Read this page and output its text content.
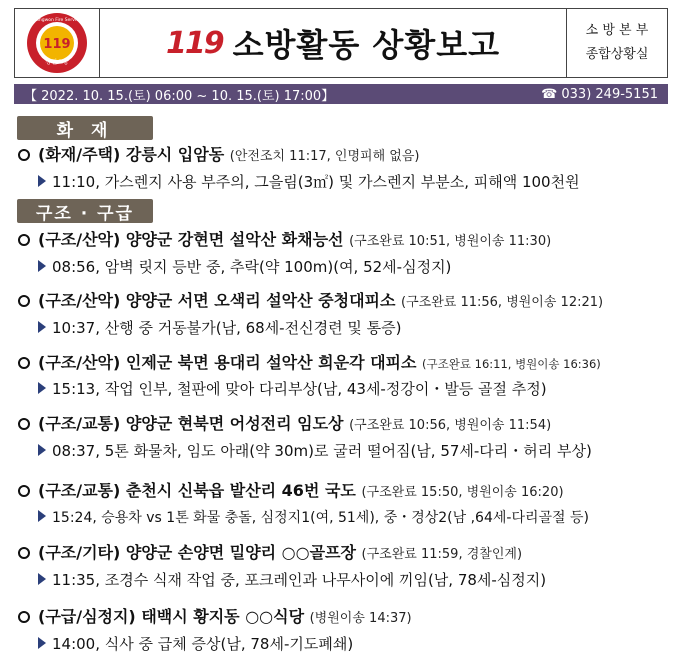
119
강원소방
Gangwon Fire Service
119 소방활동 상황보고	소 방 본 부
종합상황실
【 2022. 10. 15.(토) 06:00 ~ 10. 15.(토) 17:00】	☎ 033) 249-5151
화 재
(화재/주택) 강릉시 입암동 (안전조치 11:17, 인명피해 없음)
11:10, 가스렌지 사용 부주의, 그을림(3㎡) 및 가스렌지 부분소, 피해액 100천원
구조 · 구급
(구조/산악) 양양군 강현면 설악산 화채능선 (구조완료 10:51, 병원이송 11:30)
08:56, 암벽 릿지 등반 중, 추락(약 100m)(여, 52세-심정지)
(구조/산악) 양양군 서면 오색리 설악산 중청대피소 (구조완료 11:56, 병원이송 12:21)
10:37, 산행 중 거동불가(남, 68세-전신경련 및 통증)
(구조/산악) 인제군 북면 용대리 설악산 희운각 대피소 (구조완료 16:11, 병원이송 16:36)
15:13, 작업 인부, 철판에 맞아 다리부상(남, 43세-정강이・발등 골절 추정)
(구조/교통) 양양군 현북면 어성전리 임도상 (구조완료 10:56, 병원이송 11:54)
08:37, 5톤 화물차, 임도 아래(약 30m)로 굴러 떨어짐(남, 57세-다리・허리 부상)
(구조/교통) 춘천시 신북읍 발산리 46번 국도 (구조완료 15:50, 병원이송 16:20)
15:24, 승용차 vs 1톤 화물 충돌, 심정지1(여, 51세), 중・경상2(남 ,64세-다리골절 등)
(구조/기타) 양양군 손양면 밀양리 ○○골프장 (구조완료 11:59, 경찰인계)
11:35, 조경수 식재 작업 중, 포크레인과 나무사이에 끼임(남, 78세-심정지)
(구급/심정지) 태백시 황지동 ○○식당 (병원이송 14:37)
14:00, 식사 중 급체 증상(남, 78세-기도폐쇄)
